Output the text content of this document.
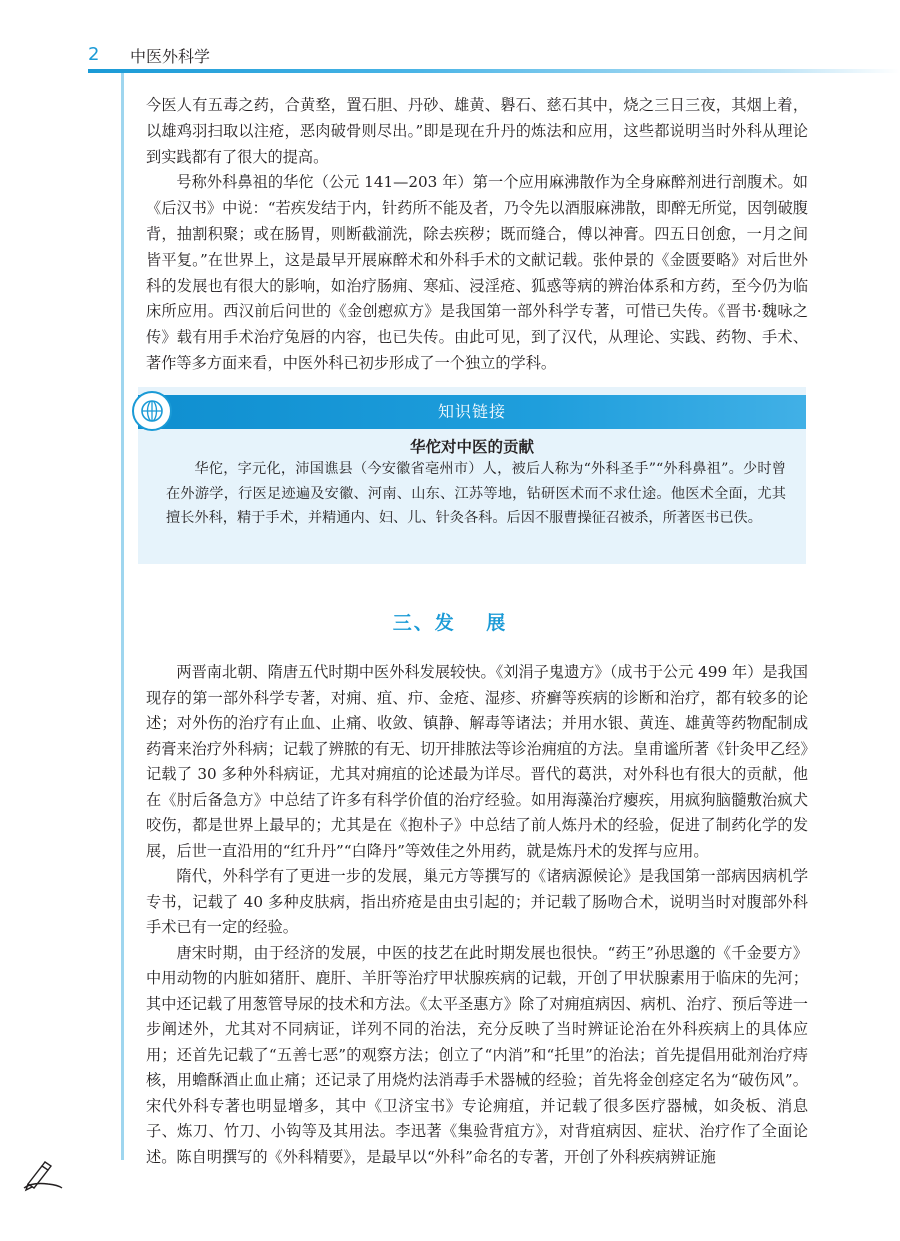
2 中医外科学

今医人有五毒之药，合黄堥，置石胆、丹砂、雄黄、礜石、慈石其中，烧之三日三夜，其烟上着，以雄鸡羽扫取以注疮，恶肉破骨则尽出。”即是现在升丹的炼法和应用，这些都说明当时外科从理论到实践都有了很大的提高。

号称外科鼻祖的华佗（公元 141—203 年）第一个应用麻沸散作为全身麻醉剂进行剖腹术。如《后汉书》中说：“若疾发结于内，针药所不能及者，乃令先以酒服麻沸散，即醉无所觉，因刳破腹背，抽割积聚；或在肠胃，则断截湔洗，除去疾秽；既而缝合，傅以神膏。四五日创愈，一月之间皆平复。”在世界上，这是最早开展麻醉术和外科手术的文献记载。张仲景的《金匮要略》对后世外科的发展也有很大的影响，如治疗肠痈、寒疝、浸淫疮、狐惑等病的辨治体系和方药，至今仍为临床所应用。西汉前后问世的《金创瘛疭方》是我国第一部外科学专著，可惜已失传。《晋书·魏咏之传》载有用手术治疗兔唇的内容，也已失传。由此可见，到了汉代，从理论、实践、药物、手术、著作等多方面来看，中医外科已初步形成了一个独立的学科。

知识链接
华佗对中医的贡献
华佗，字元化，沛国谯县（今安徽省亳州市）人，被后人称为“外科圣手”“外科鼻祖”。少时曾在外游学，行医足迹遍及安徽、河南、山东、江苏等地，钻研医术而不求仕途。他医术全面，尤其擅长外科，精于手术，并精通内、妇、儿、针灸各科。后因不服曹操征召被杀，所著医书已佚。
三、发 展

两晋南北朝、隋唐五代时期中医外科发展较快。《刘涓子鬼遗方》（成书于公元 499 年）是我国现存的第一部外科学专著，对痈、疽、疖、金疮、湿疹、疥癣等疾病的诊断和治疗，都有较多的论述；对外伤的治疗有止血、止痛、收敛、镇静、解毒等诸法；并用水银、黄连、雄黄等药物配制成药膏来治疗外科病；记载了辨脓的有无、切开排脓法等诊治痈疽的方法。皇甫谧所著《针灸甲乙经》记载了 30 多种外科病证，尤其对痈疽的论述最为详尽。晋代的葛洪，对外科也有很大的贡献，他在《肘后备急方》中总结了许多有科学价值的治疗经验。如用海藻治疗瘿疾，用疯狗脑髓敷治疯犬咬伤，都是世界上最早的；尤其是在《抱朴子》中总结了前人炼丹术的经验，促进了制药化学的发展，后世一直沿用的“红升丹”“白降丹”等效佳之外用药，就是炼丹术的发挥与应用。

隋代，外科学有了更进一步的发展，巢元方等撰写的《诸病源候论》是我国第一部病因病机学专书，记载了 40 多种皮肤病，指出疥疮是由虫引起的；并记载了肠吻合术，说明当时对腹部外科手术已有一定的经验。

唐宋时期，由于经济的发展，中医的技艺在此时期发展也很快。“药王”孙思邈的《千金要方》中用动物的内脏如猪肝、鹿肝、羊肝等治疗甲状腺疾病的记载，开创了甲状腺素用于临床的先河；其中还记载了用葱管导尿的技术和方法。《太平圣惠方》除了对痈疽病因、病机、治疗、预后等进一步阐述外，尤其对不同病证，详列不同的治法，充分反映了当时辨证论治在外科疾病上的具体应用；还首先记载了“五善七恶”的观察方法；创立了“内消”和“托里”的治法；首先提倡用砒剂治疗痔核，用蟾酥酒止血止痛；还记录了用烧灼法消毒手术器械的经验；首先将金创痉定名为“破伤风”。宋代外科专著也明显增多，其中《卫济宝书》专论痈疽，并记载了很多医疗器械，如灸板、消息子、炼刀、竹刀、小钩等及其用法。李迅著《集验背疽方》，对背疽病因、症状、治疗作了全面论述。陈自明撰写的《外科精要》，是最早以“外科”命名的专著，开创了外科疾病辨证施
